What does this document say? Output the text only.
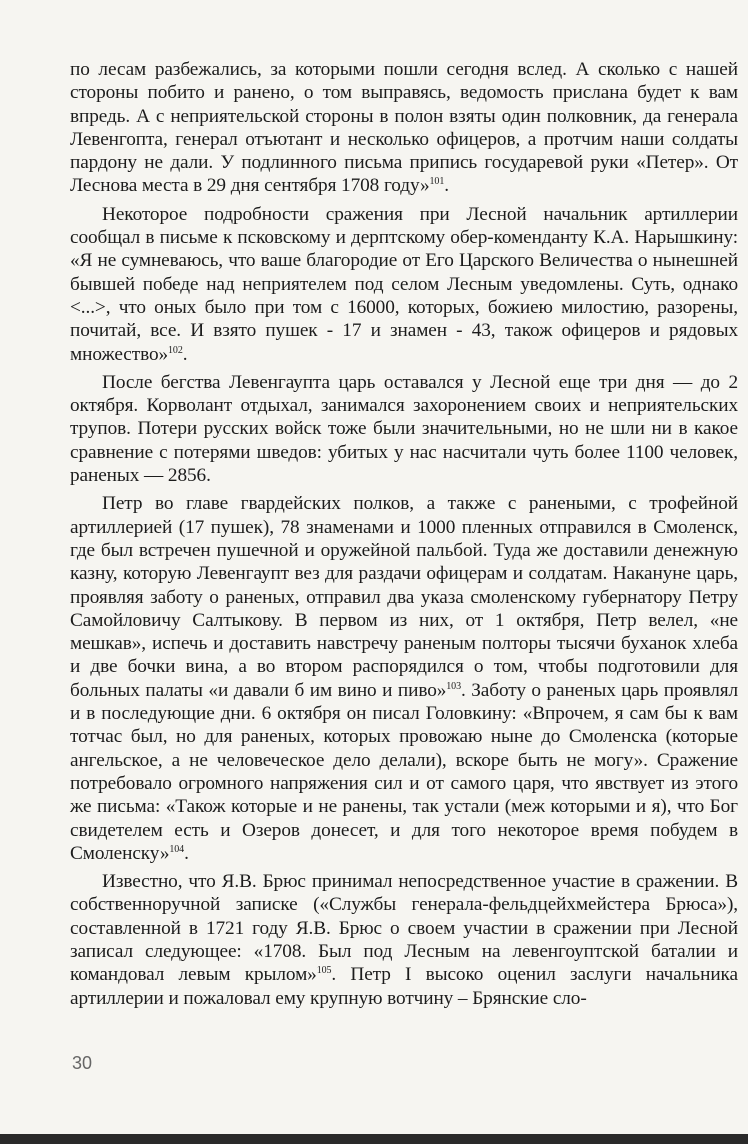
по лесам разбежались, за которыми пошли сегодня вслед. А сколько с нашей стороны побито и ранено, о том выправясь, ведомость прислана будет к вам впредь. А с неприятельской стороны в полон взяты один полковник, да генерала Левенгопта, генерал отъютант и несколько офицеров, а протчим наши солдаты пардону не дали. У подлинного письма припись государевой руки «Петер». От Леснова места в 29 дня сентября 1708 году»$^{101}$.

Некоторое подробности сражения при Лесной начальник артиллерии сообщал в письме к псковскому и дерптскому обер-коменданту К.А. Нарышкину: «Я не сумневаюсь, что ваше благородие от Его Царского Величества о нынешней бывшей победе над неприятелем под селом Лесным уведомлены. Суть, однако <...>, что оных было при том с 16000, которых, божиею милостию, разорены, почитай, все. И взято пушек - 17 и знамен - 43, також офицеров и рядовых множество»$^{102}$.

После бегства Левенгаупта царь оставался у Лесной еще три дня — до 2 октября. Корволант отдыхал, занимался захоронением своих и неприятельских трупов. Потери русских войск тоже были значительными, но не шли ни в какое сравнение с потерями шведов: убитых у нас насчитали чуть более 1100 человек, раненых — 2856.

Петр во главе гвардейских полков, а также с ранеными, с трофейной артиллерией (17 пушек), 78 знаменами и 1000 пленных отправился в Смоленск, где был встречен пушечной и оружейной пальбой. Туда же доставили денежную казну, которую Левенгаупт вез для раздачи офицерам и солдатам. Накануне царь, проявляя заботу о раненых, отправил два указа смоленскому губернатору Петру Самойловичу Салтыкову. В первом из них, от 1 октября, Петр велел, «не мешкав», испечь и доставить навстречу раненым полторы тысячи буханок хлеба и две бочки вина, а во втором распорядился о том, чтобы подготовили для больных палаты «и давали б им вино и пиво»$^{103}$. Заботу о раненых царь проявлял и в последующие дни. 6 октября он писал Головкину: «Впрочем, я сам бы к вам тотчас был, но для раненых, которых провожаю ныне до Смоленска (которые ангельское, а не человеческое дело делали), вскоре быть не могу». Сражение потребовало огромного напряжения сил и от самого царя, что явствует из этого же письма: «Також которые и не ранены, так устали (меж которыми и я), что Бог свидетелем есть и Озеров донесет, и для того некоторое время побудем в Смоленску»$^{104}$.

Известно, что Я.В. Брюс принимал непосредственное участие в сражении. В собственноручной записке («Службы генерала-фельдцейхмейстера Брюса»), составленной в 1721 году Я.В. Брюс о своем участии в сражении при Лесной записал следующее: «1708. Был под Лесным на левенгоуптской баталии и командовал левым крылом»$^{105}$. Петр I высоко оценил заслуги начальника артиллерии и пожаловал ему крупную вотчину – Брянские сло-

30
